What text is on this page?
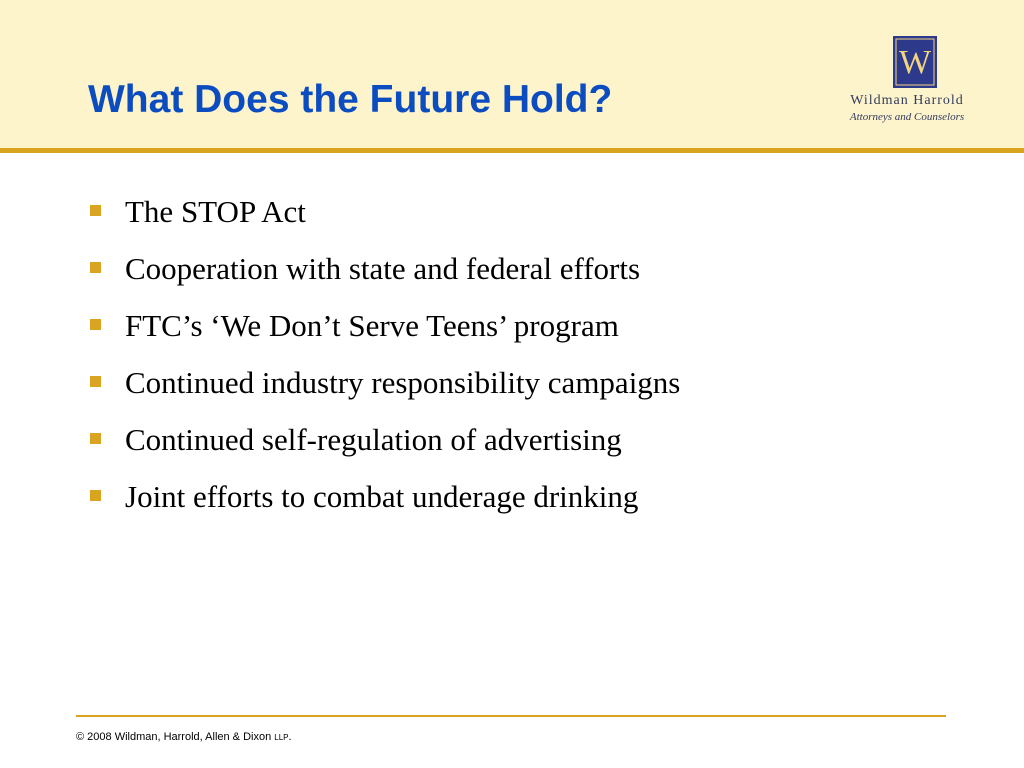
What Does the Future Hold?
W
Wildman Harrold
Attorneys and Counselors
The STOP Act
Cooperation with state and federal efforts
FTC’s ‘We Don’t Serve Teens’ program
Continued industry responsibility campaigns
Continued self-regulation of advertising
Joint efforts to combat underage drinking
© 2008 Wildman, Harrold, Allen & Dixon LLP.
